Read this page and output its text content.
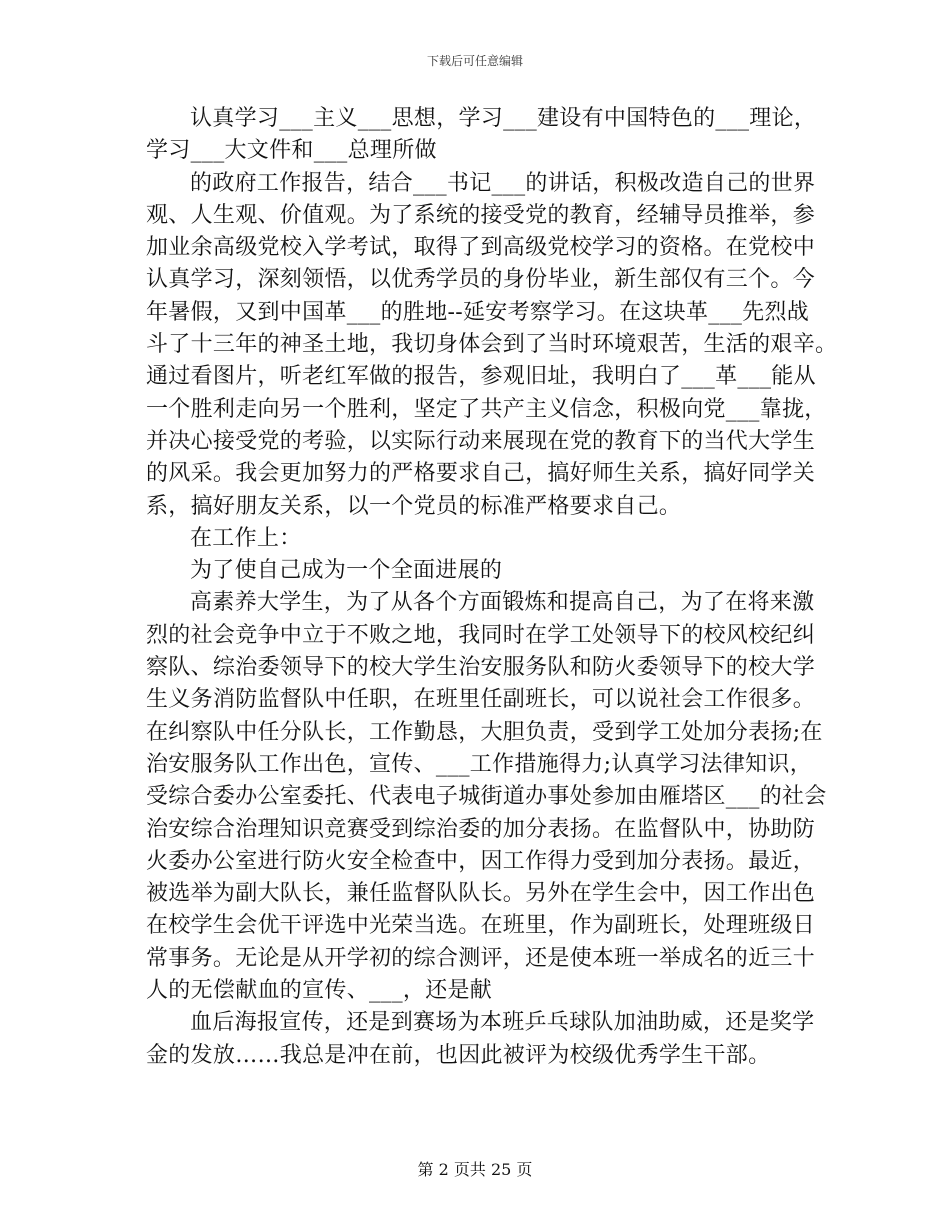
下载后可任意编辑
认真学习___主义___思想，学习___建设有中国特色的___理论，
学习___大文件和___总理所做
的政府工作报告，结合___书记___的讲话，积极改造自己的世界
观、人生观、价值观。为了系统的接受党的教育，经辅导员推举，参
加业余高级党校入学考试，取得了到高级党校学习的资格。在党校中
认真学习，深刻领悟，以优秀学员的身份毕业，新生部仅有三个。今
年暑假，又到中国革___的胜地--延安考察学习。在这块革___先烈战
斗了十三年的神圣土地，我切身体会到了当时环境艰苦，生活的艰辛。
通过看图片，听老红军做的报告，参观旧址，我明白了___革___能从
一个胜利走向另一个胜利，坚定了共产主义信念，积极向党___靠拢，
并决心接受党的考验，以实际行动来展现在党的教育下的当代大学生
的风采。我会更加努力的严格要求自己，搞好师生关系，搞好同学关
系，搞好朋友关系，以一个党员的标准严格要求自己。
在工作上：
为了使自己成为一个全面进展的
高素养大学生，为了从各个方面锻炼和提高自己，为了在将来激
烈的社会竞争中立于不败之地，我同时在学工处领导下的校风校纪纠
察队、综治委领导下的校大学生治安服务队和防火委领导下的校大学
生义务消防监督队中任职，在班里任副班长，可以说社会工作很多。
在纠察队中任分队长，工作勤恳，大胆负责，受到学工处加分表扬;在
治安服务队工作出色，宣传、___工作措施得力;认真学习法律知识，
受综合委办公室委托、代表电子城街道办事处参加由雁塔区___的社会
治安综合治理知识竞赛受到综治委的加分表扬。在监督队中，协助防
火委办公室进行防火安全检查中，因工作得力受到加分表扬。最近，
被选举为副大队长，兼任监督队队长。另外在学生会中，因工作出色
在校学生会优干评选中光荣当选。在班里，作为副班长，处理班级日
常事务。无论是从开学初的综合测评，还是使本班一举成名的近三十
人的无偿献血的宣传、___，还是献
血后海报宣传，还是到赛场为本班乒乓球队加油助威，还是奖学
金的发放……我总是冲在前，也因此被评为校级优秀学生干部。
第 2 页共 25 页
